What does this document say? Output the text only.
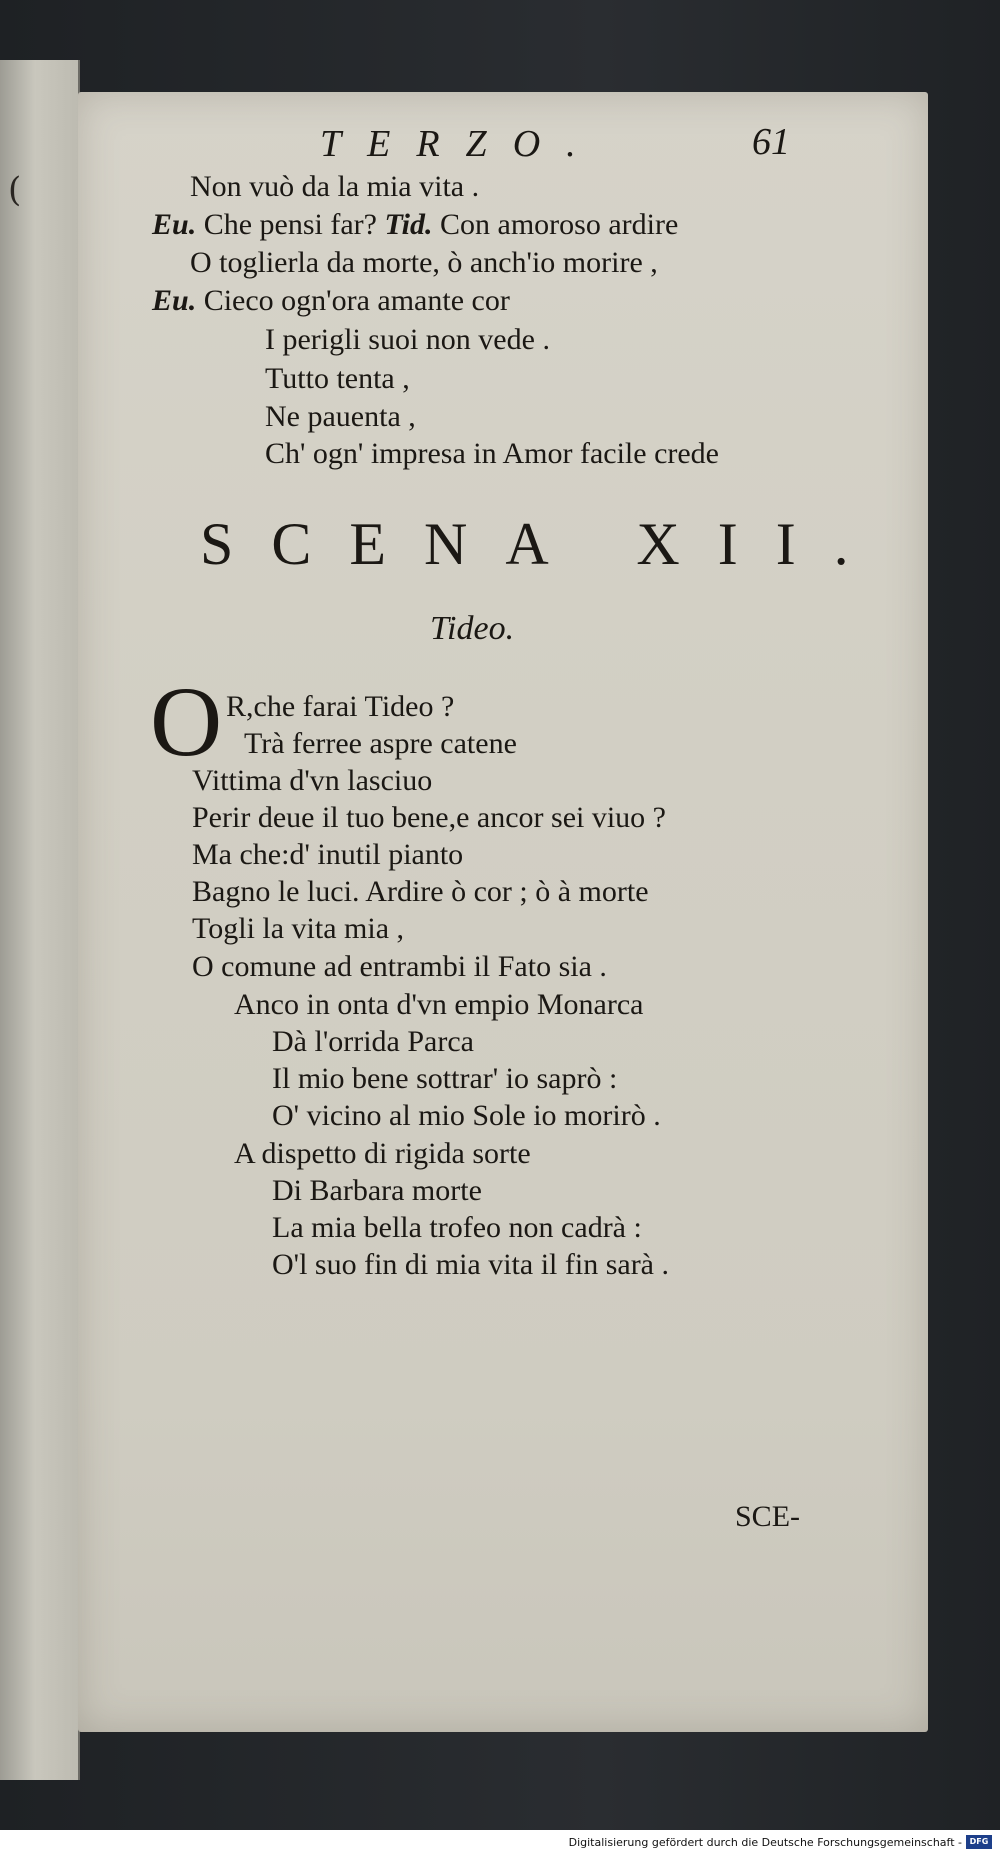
(
TERZO.	61
Non vuò da la mia vita .
Eu. Che pensi far? Tid. Con amoroso ardire
O toglierla da morte, ò anch'io morire ,
Eu. Cieco ogn'ora amante cor
I perigli suoi non vede .
Tutto tenta ,
Ne pauenta ,
Ch' ogn' impresa in Amor facile crede
SCENA XII.
Tideo.
O R,che farai Tideo ?
Trà ferree aspre catene
Vittima d'vn lasciuo
Perir deue il tuo bene,e ancor sei viuo ?
Ma che:d' inutil pianto
Bagno le luci. Ardire ò cor ; ò à morte
Togli la vita mia ,
O comune ad entrambi il Fato sia .
Anco in onta d'vn empio Monarca
Dà l'orrida Parca
Il mio bene sottrar' io saprò :
O' vicino al mio Sole io morirò .
A dispetto di rigida sorte
Di Barbara morte
La mia bella trofeo non cadrà :
O'l suo fin di mia vita il fin sarà .
SCE-
Digitalisierung gefördert durch die Deutsche Forschungsgemeinschaft - DFG
